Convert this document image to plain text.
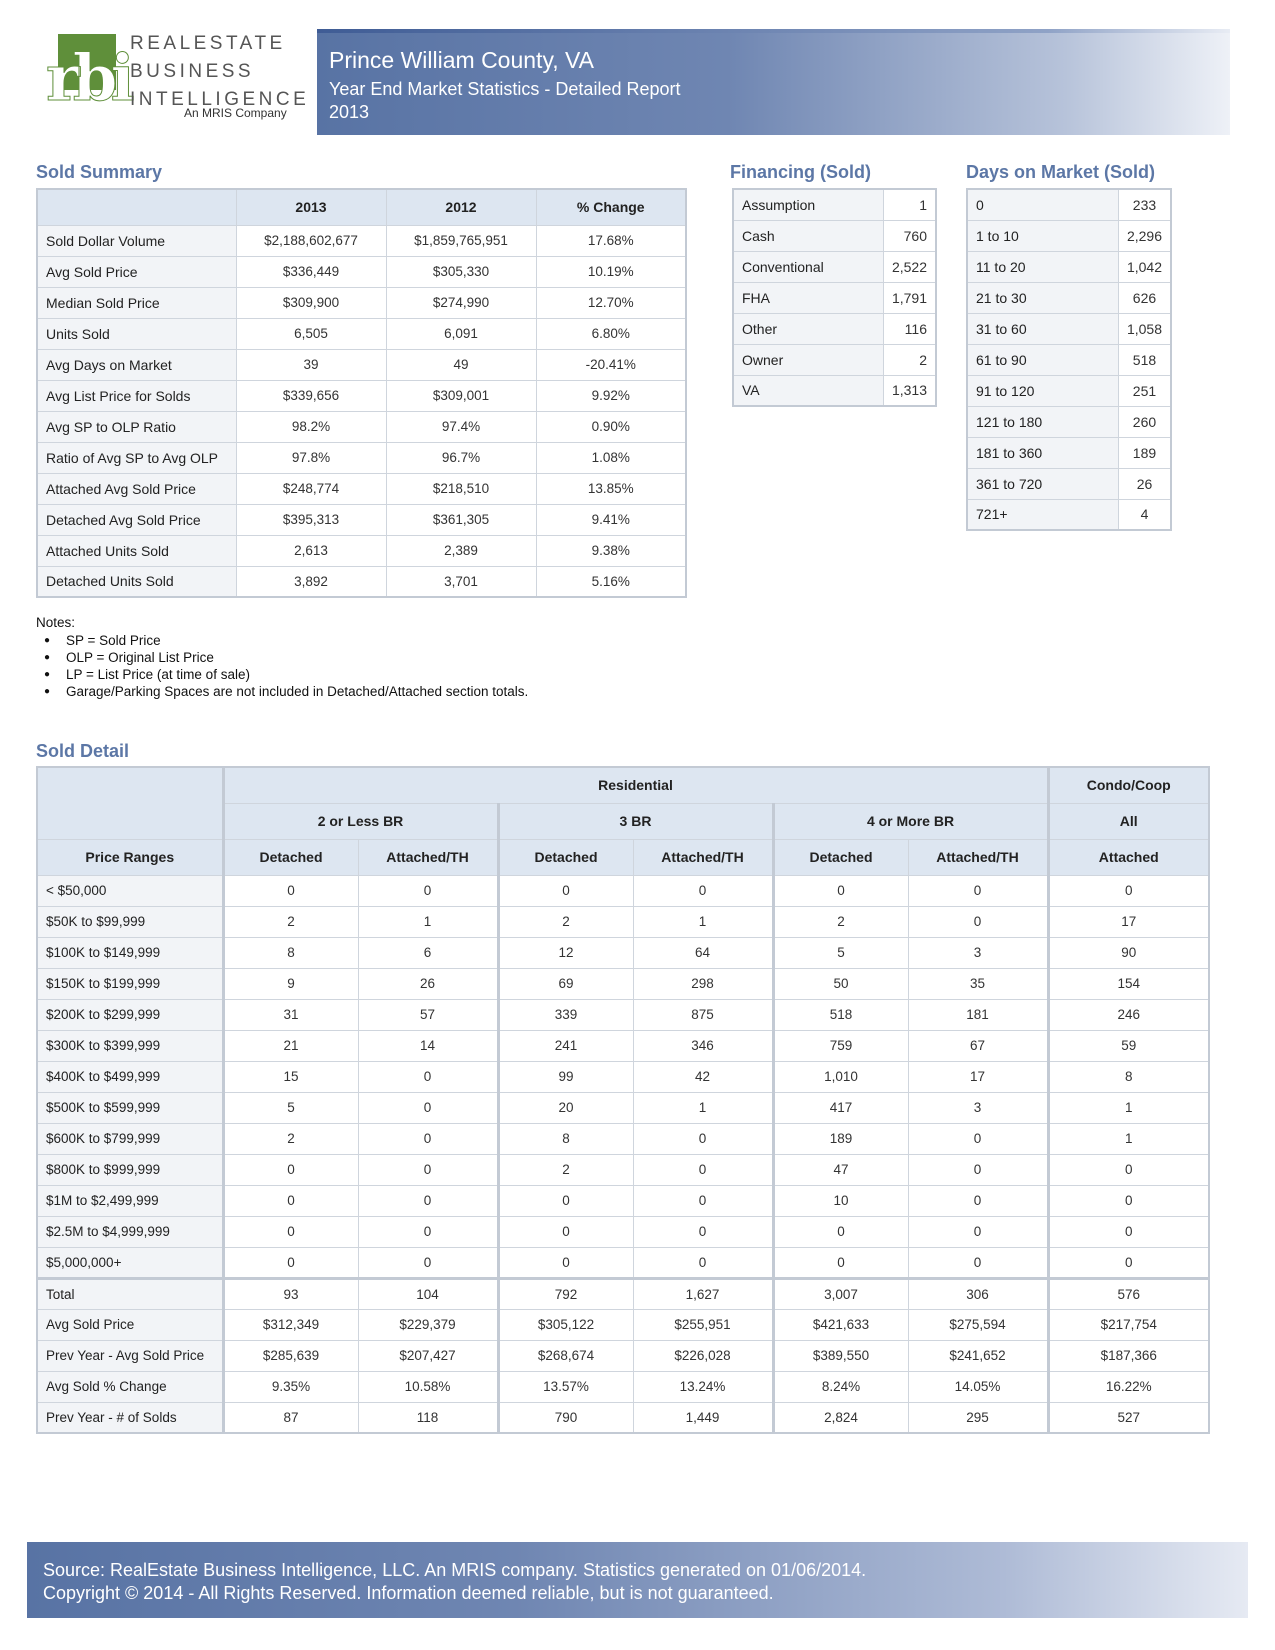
rbi REALESTATE
BUSINESS
INTELLIGENCE
An MRIS Company
Prince William County, VA
Year End Market Statistics - Detailed Report
2013
Sold Summary	Financing (Sold)	Days on Market (Sold)
Sold Detail
	2013	2012	% Change
Sold Dollar Volume	$2,188,602,677	$1,859,765,951	17.68%
Avg Sold Price	$336,449	$305,330	10.19%
Median Sold Price	$309,900	$274,990	12.70%
Units Sold	6,505	6,091	6.80%
Avg Days on Market	39	49	-20.41%
Avg List Price for Solds	$339,656	$309,001	9.92%
Avg SP to OLP Ratio	98.2%	97.4%	0.90%
Ratio of Avg SP to Avg OLP	97.8%	96.7%	1.08%
Attached Avg Sold Price	$248,774	$218,510	13.85%
Detached Avg Sold Price	$395,313	$361,305	9.41%
Attached Units Sold	2,613	2,389	9.38%
Detached Units Sold	3,892	3,701	5.16%
Assumption	1
Cash	760
Conventional	2,522
FHA	1,791
Other	116
Owner	2
VA	1,313
0	233
1 to 10	2,296
11 to 20	1,042
21 to 30	626
31 to 60	1,058
61 to 90	518
91 to 120	251
121 to 180	260
181 to 360	189
361 to 720	26
721+	4
Notes:
● SP = Sold Price
● OLP = Original List Price
● LP = List Price (at time of sale)
● Garage/Parking Spaces are not included in Detached/Attached section totals.
	Residential						Condo/Coop
	2 or Less BR		3 BR		4 or More BR		All
Price Ranges	Detached	Attached/TH	Detached	Attached/TH	Detached	Attached/TH	Attached
< $50,000	0	0	0	0	0	0	0
$50K to $99,999	2	1	2	1	2	0	17
$100K to $149,999	8	6	12	64	5	3	90
$150K to $199,999	9	26	69	298	50	35	154
$200K to $299,999	31	57	339	875	518	181	246
$300K to $399,999	21	14	241	346	759	67	59
$400K to $499,999	15	0	99	42	1,010	17	8
$500K to $599,999	5	0	20	1	417	3	1
$600K to $799,999	2	0	8	0	189	0	1
$800K to $999,999	0	0	2	0	47	0	0
$1M to $2,499,999	0	0	0	0	10	0	0
$2.5M to $4,999,999	0	0	0	0	0	0	0
$5,000,000+	0	0	0	0	0	0	0
Total	93	104	792	1,627	3,007	306	576
Avg Sold Price	$312,349	$229,379	$305,122	$255,951	$421,633	$275,594	$217,754
Prev Year - Avg Sold Price	$285,639	$207,427	$268,674	$226,028	$389,550	$241,652	$187,366
Avg Sold % Change	9.35%	10.58%	13.57%	13.24%	8.24%	14.05%	16.22%
Prev Year - # of Solds	87	118	790	1,449	2,824	295	527
Source: RealEstate Business Intelligence, LLC. An MRIS company. Statistics generated on 01/06/2014.
Copyright © 2014 - All Rights Reserved. Information deemed reliable, but is not guaranteed.
